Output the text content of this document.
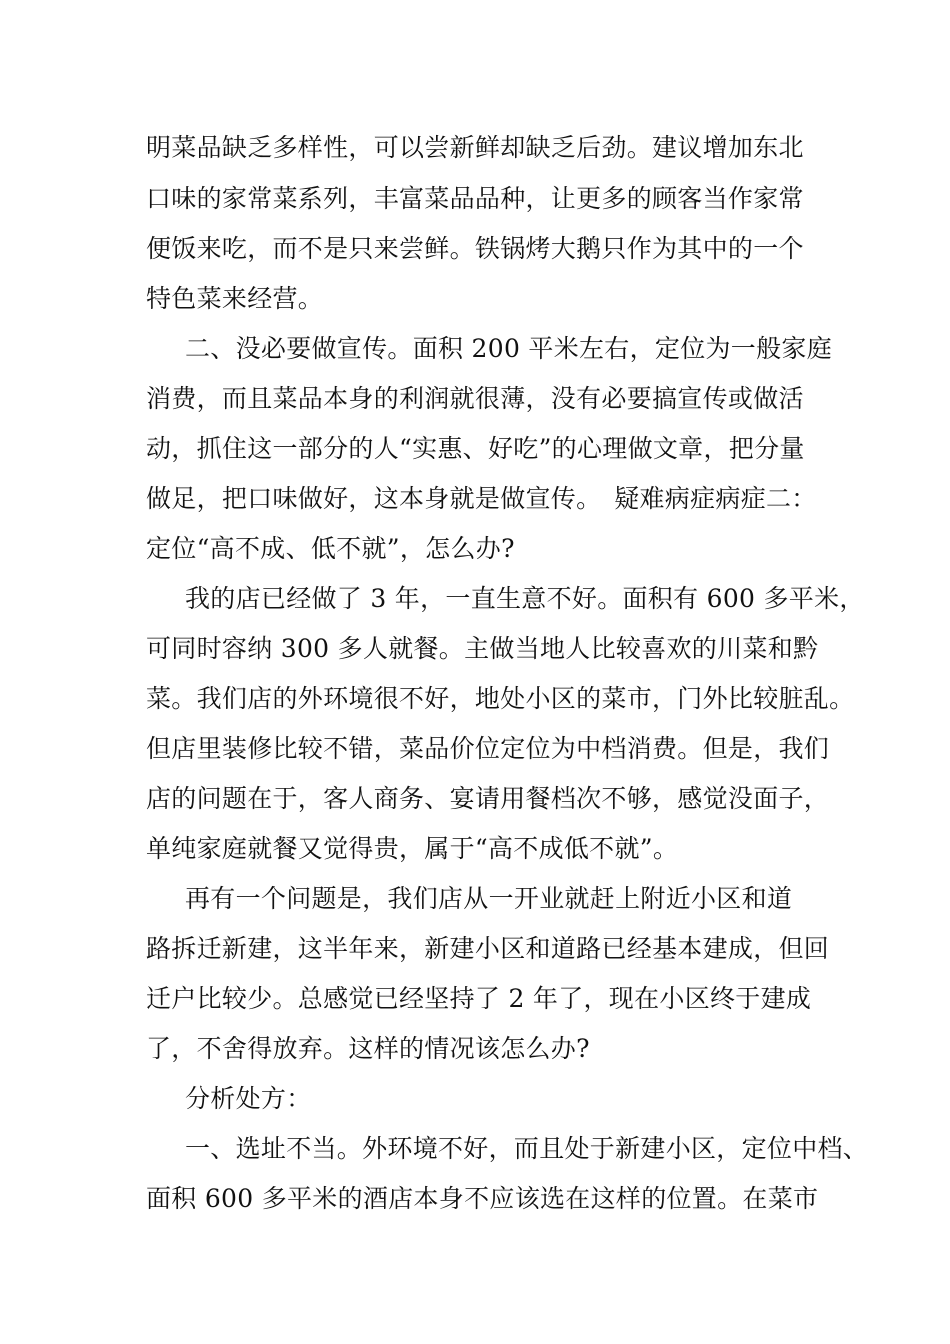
明菜品缺乏多样性，可以尝新鲜却缺乏后劲。建议增加东北
口味的家常菜系列，丰富菜品品种，让更多的顾客当作家常
便饭来吃，而不是只来尝鲜。铁锅烤大鹅只作为其中的一个
特色菜来经营。
二、没必要做宣传。面积 200 平米左右，定位为一般家庭
消费，而且菜品本身的利润就很薄，没有必要搞宣传或做活
动，抓住这一部分的人“实惠、好吃”的心理做文章，把分量
做足，把口味做好，这本身就是做宣传。　疑难病症病症二：
定位“高不成、低不就”，怎么办?
我的店已经做了 3 年，一直生意不好。面积有 600 多平米，
可同时容纳 300 多人就餐。主做当地人比较喜欢的川菜和黔
菜。我们店的外环境很不好，地处小区的菜市，门外比较脏乱。
但店里装修比较不错，菜品价位定位为中档消费。但是，我们
店的问题在于，客人商务、宴请用餐档次不够，感觉没面子，
单纯家庭就餐又觉得贵，属于“高不成低不就”。
再有一个问题是，我们店从一开业就赶上附近小区和道
路拆迁新建，这半年来，新建小区和道路已经基本建成，但回
迁户比较少。总感觉已经坚持了 2 年了，现在小区终于建成
了，不舍得放弃。这样的情况该怎么办?
分析处方：
一、选址不当。外环境不好，而且处于新建小区，定位中档、
面积 600 多平米的酒店本身不应该选在这样的位置。在菜市
